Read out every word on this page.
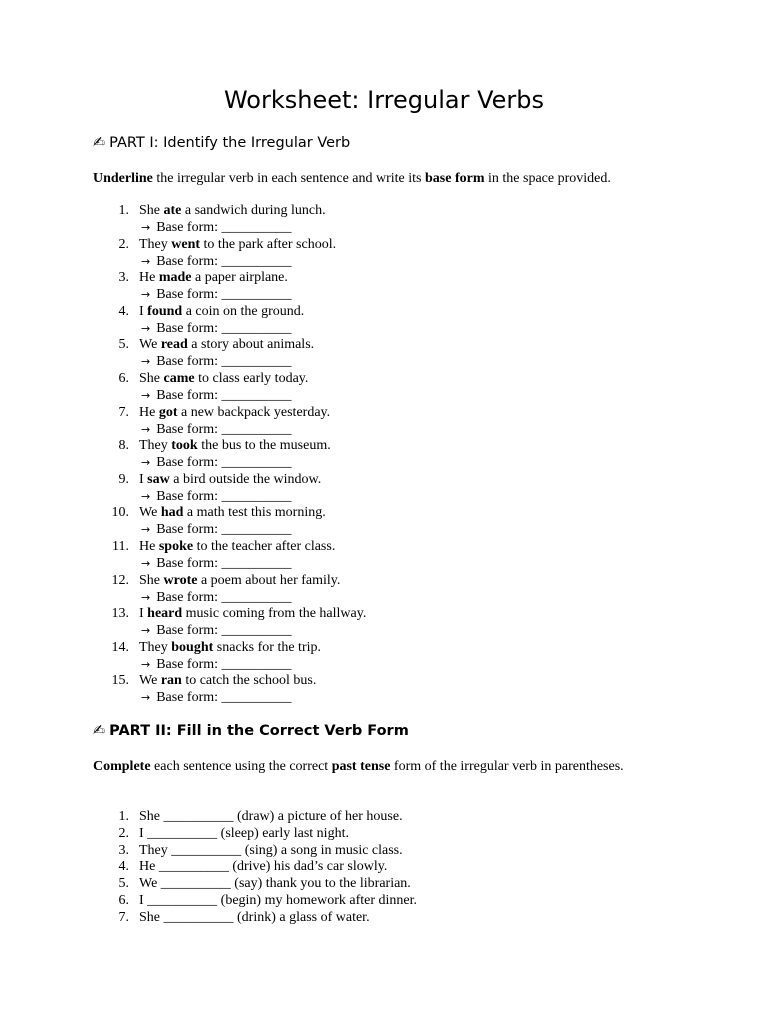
Worksheet: Irregular Verbs
✍ PART I: Identify the Irregular Verb

Underline the irregular verb in each sentence and write its base form in the space provided.

1. She ate a sandwich during lunch.
→ Base form: __________
2. They went to the park after school.
→ Base form: __________
3. He made a paper airplane.
→ Base form: __________
4. I found a coin on the ground.
→ Base form: __________
5. We read a story about animals.
→ Base form: __________
6. She came to class early today.
→ Base form: __________
7. He got a new backpack yesterday.
→ Base form: __________
8. They took the bus to the museum.
→ Base form: __________
9. I saw a bird outside the window.
→ Base form: __________
10. We had a math test this morning.
→ Base form: __________
11. He spoke to the teacher after class.
→ Base form: __________
12. She wrote a poem about her family.
→ Base form: __________
13. I heard music coming from the hallway.
→ Base form: __________
14. They bought snacks for the trip.
→ Base form: __________
15. We ran to catch the school bus.
→ Base form: __________
✍ PART II: Fill in the Correct Verb Form

Complete each sentence using the correct past tense form of the irregular verb in parentheses.

1. She __________ (draw) a picture of her house.
2. I __________ (sleep) early last night.
3. They __________ (sing) a song in music class.
4. He __________ (drive) his dad’s car slowly.
5. We __________ (say) thank you to the librarian.
6. I __________ (begin) my homework after dinner.
7. She __________ (drink) a glass of water.
